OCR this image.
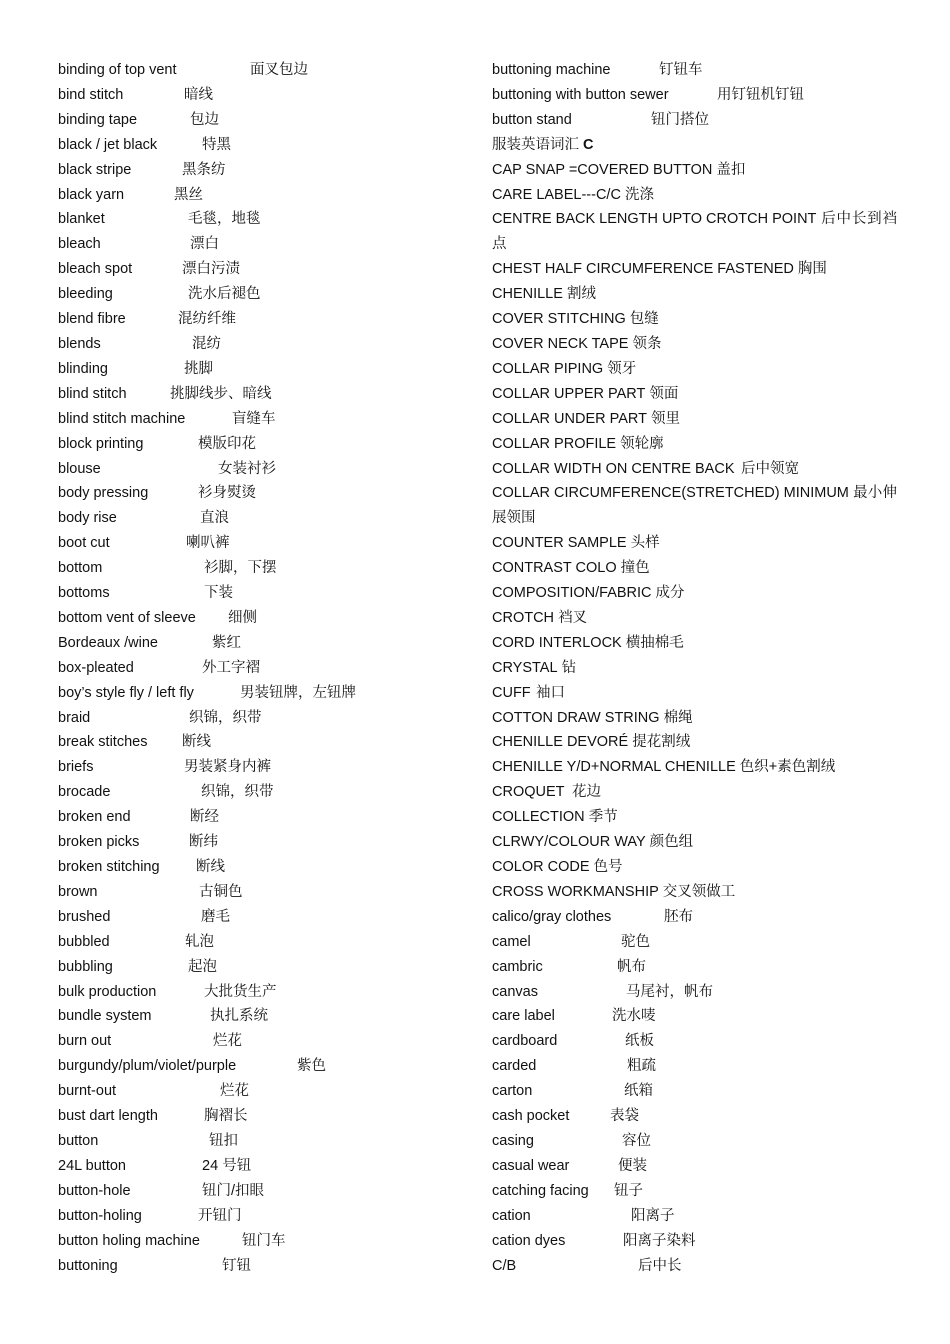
binding of top vent	面叉包边
bind stitch	暗线
binding tape	包边
black / jet black	特黑
black stripe	黑条纺
black yarn	黑丝
blanket	毛毯，地毯
bleach	漂白
bleach spot	漂白污渍
bleeding	洗水后褪色
blend fibre	混纺纤维
blends	混纺
blinding	挑脚
blind stitch	挑脚线步、暗线
blind stitch machine	盲缝车
block printing	模版印花
blouse	女装衬衫
body pressing	衫身熨烫
body rise	直浪
boot cut	喇叭裤
bottom	衫脚，下摆
bottoms	下装
bottom vent of sleeve 细侧
Bordeaux /wine	紫红
box-pleated	外工字褶
boy’s style fly / left fly	男装钮牌，左钮牌
braid	织锦，织带
break stitches 断线
briefs	男装紧身内裤
brocade	织锦，织带
broken end	断经
broken picks	断纬
broken stitching	断线
brown	古铜色
brushed	磨毛
bubbled	轧泡
bubbling	起泡
bulk production	大批货生产
bundle system	执扎系统
burn out	烂花
burgundy/plum/violet/purple	紫色
burnt-out	烂花
bust dart length	胸褶长
button	钮扣
24L button	24 号钮
button-hole	钮门/扣眼
button-holing	开钮门
button holing machine	钮门车
buttoning	钉钮
buttoning machine	钉钮车
buttoning with button sewer	用钉钮机钉钮
button stand	钮门搭位
服装英语词汇 C
CAP SNAP =COVERED BUTTON 盖扣
CARE LABEL---C/C 洗涤
CENTRE BACK LENGTH UPTO CROTCH POINT 后中长到裆点
CHEST HALF CIRCUMFERENCE FASTENED 胸围
CHENILLE 割绒
COVER STITCHING 包缝
COVER NECK TAPE 领条
COLLAR PIPING 领牙
COLLAR UPPER PART 领面
COLLAR UNDER PART 领里
COLLAR PROFILE 领轮廓
COLLAR WIDTH ON CENTRE BACK 后中领宽
COLLAR CIRCUMFERENCE(STRETCHED) MINIMUM 最小伸展领围
COUNTER SAMPLE 头样
CONTRAST COLO 撞色
COMPOSITION/FABRIC 成分
CROTCH 裆叉
CORD INTERLOCK 横抽棉毛
CRYSTAL 钻
CUFF 袖口
COTTON DRAW STRING 棉绳
CHENILLE DEVORÉ 提花割绒
CHENILLE Y/D+NORMAL CHENILLE 色织+素色割绒
CROQUET 花边
COLLECTION 季节
CLRWY/COLOUR WAY 颜色组
COLOR CODE 色号
CROSS WORKMANSHIP 交叉领做工
calico/gray clothes	胚布
camel	驼色
cambric	帆布
canvas	马尾衬，帆布
care label	洗水唛
cardboard	纸板
carded	粗疏
carton	纸箱
cash pocket	表袋
casing	容位
casual wear	便装
catching facing 钮子
cation	阳离子
cation dyes	阳离子染料
C/B	后中长
